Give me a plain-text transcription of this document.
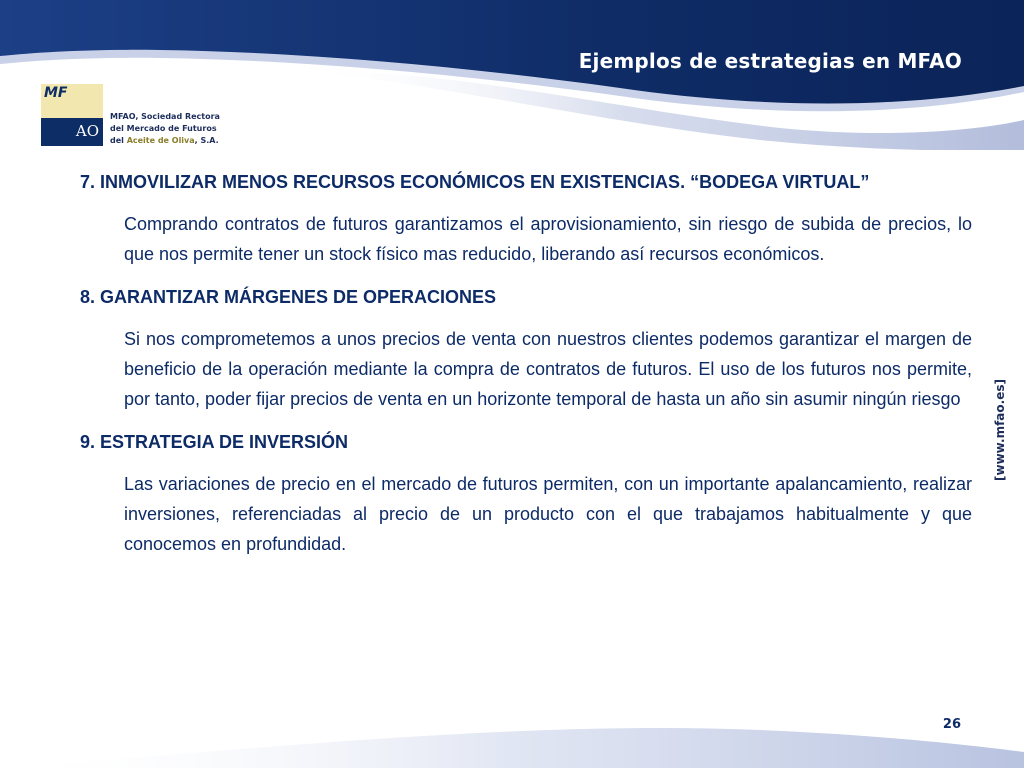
Ejemplos de estrategias en MFAO
MF
AO
MFAO, Sociedad Rectora
del Mercado de Futuros
del Aceite de Oliva, S.A.
[www.mfao.es]

7. INMOVILIZAR MENOS RECURSOS ECONÓMICOS EN EXISTENCIAS. “BODEGA VIRTUAL”

Comprando contratos de futuros garantizamos el aprovisionamiento, sin riesgo de subida de precios, lo que nos permite tener un stock físico mas reducido, liberando así recursos económicos.

8. GARANTIZAR MÁRGENES DE OPERACIONES

Si nos comprometemos a unos precios de venta con nuestros clientes podemos garantizar el margen de beneficio de la operación mediante la compra de contratos de futuros. El uso de los futuros nos permite, por tanto, poder fijar precios de venta en un horizonte temporal de hasta un año sin asumir ningún riesgo

9. ESTRATEGIA DE INVERSIÓN

Las variaciones de precio en el mercado de futuros permiten, con un importante apalancamiento, realizar inversiones, referenciadas al precio de un producto con el que trabajamos habitualmente y que conocemos en profundidad.

26
